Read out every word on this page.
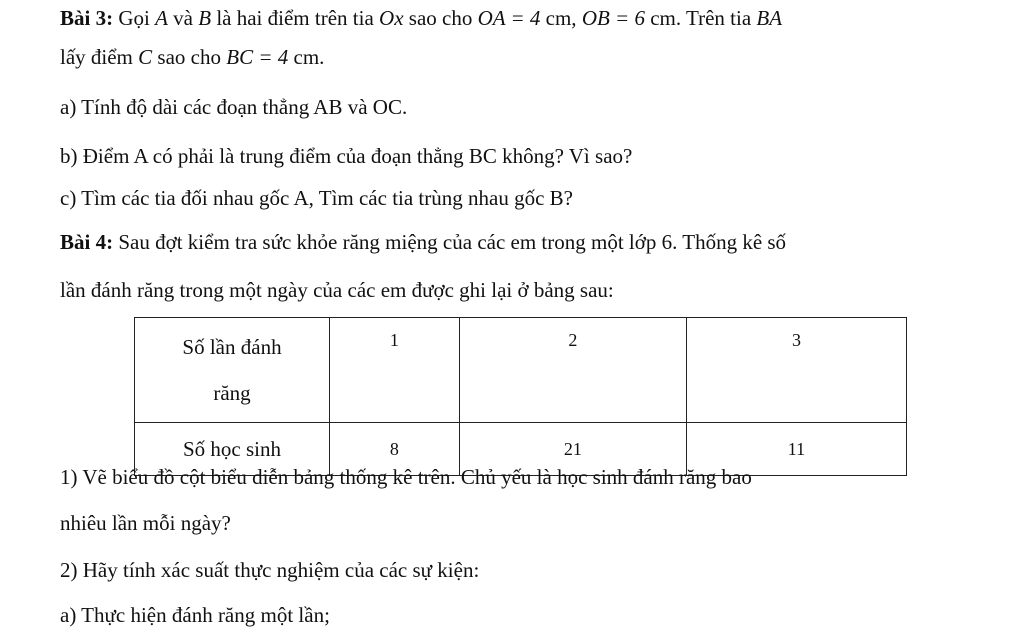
Bài 3: Gọi A và B là hai điểm trên tia Ox sao cho OA = 4 cm, OB = 6 cm. Trên tia BA
lấy điểm C sao cho BC = 4 cm.
a) Tính độ dài các đoạn thẳng AB và OC.
b) Điểm A có phải là trung điểm của đoạn thẳng BC không? Vì sao?
c) Tìm các tia đối nhau gốc A, Tìm các tia trùng nhau gốc B?
Bài 4: Sau đợt kiểm tra sức khỏe răng miệng của các em trong một lớp 6. Thống kê số
lần đánh răng trong một ngày của các em được ghi lại ở bảng sau:
Số lần đánh
răng	1	2	3
Số học sinh	8	21	11
1) Vẽ biểu đồ cột biểu diễn bảng thống kê trên. Chủ yếu là học sinh đánh răng bao
nhiêu lần mỗi ngày?
2) Hãy tính xác suất thực nghiệm của các sự kiện:
a) Thực hiện đánh răng một lần;
